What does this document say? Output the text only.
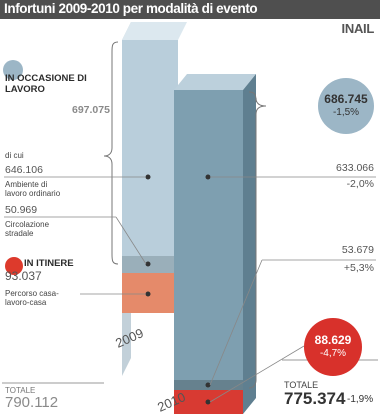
Infortuni 2009-2010 per modalità di evento
INAIL
2009
2010
IN OCCASIONE DI LAVORO
697.075
di cui
646.106
Ambiente di lavoro ordinario
50.969
Circolazione stradale
IN ITINERE
93.037
Percorso casa-lavoro-casa
TOTALE
790.112
686.745
-1,5%
633.066
-2,0%
53.679
+5,3%
88.629
-4,7%
TOTALE
775.374 -1,9%
